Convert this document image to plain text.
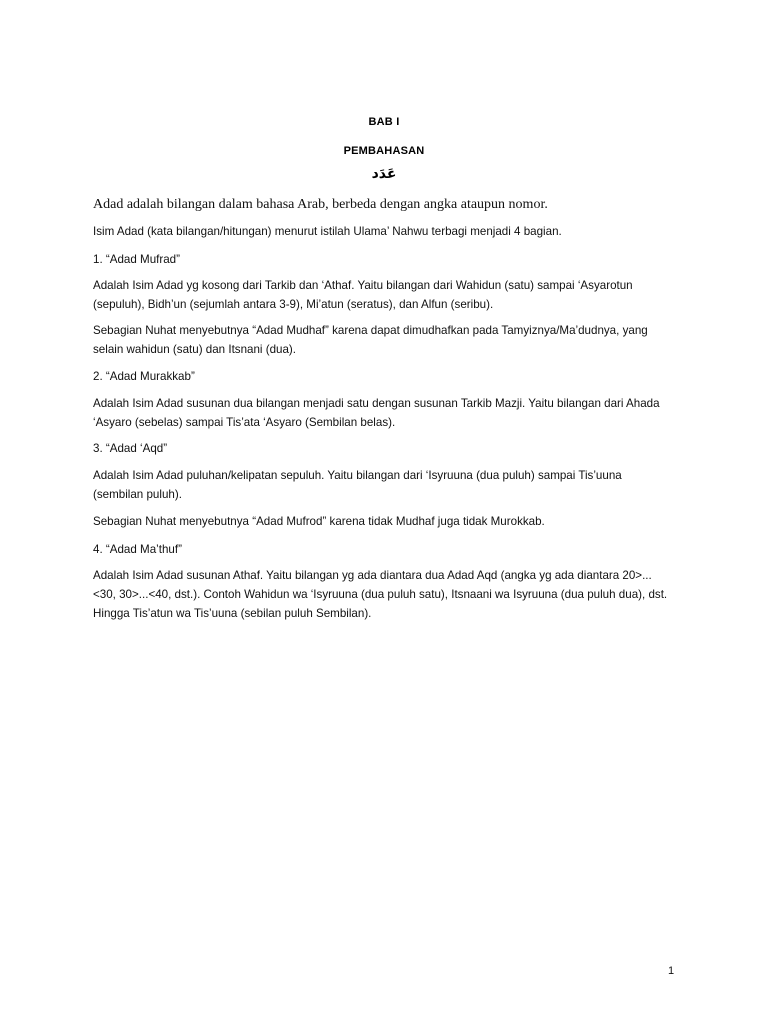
BAB I
PEMBAHASAN
عَدَد
Adad adalah bilangan dalam bahasa Arab, berbeda dengan angka ataupun nomor.
Isim Adad (kata bilangan/hitungan) menurut istilah Ulama’ Nahwu terbagi menjadi 4 bagian.
1. “Adad Mufrad”
Adalah Isim Adad yg kosong dari Tarkib dan ‘Athaf. Yaitu bilangan dari Wahidun (satu) sampai ‘Asyarotun (sepuluh), Bidh’un (sejumlah antara 3-9), Mi’atun (seratus), dan Alfun (seribu).
Sebagian Nuhat menyebutnya “Adad Mudhaf” karena dapat dimudhafkan pada Tamyiznya/Ma’dudnya, yang selain wahidun (satu) dan Itsnani (dua).
2. “Adad Murakkab”
Adalah Isim Adad susunan dua bilangan menjadi satu dengan susunan Tarkib Mazji. Yaitu bilangan dari Ahada ‘Asyaro (sebelas) sampai Tis’ata ‘Asyaro (Sembilan belas).
3. “Adad ‘Aqd”
Adalah Isim Adad puluhan/kelipatan sepuluh. Yaitu bilangan dari ‘Isyruuna (dua puluh) sampai Tis’uuna (sembilan puluh).
Sebagian Nuhat menyebutnya “Adad Mufrod” karena tidak Mudhaf juga tidak Murokkab.
4. “Adad Ma’thuf”
Adalah Isim Adad susunan Athaf. Yaitu bilangan yg ada diantara dua Adad Aqd (angka yg ada diantara 20>...<30, 30>...<40, dst.). Contoh Wahidun wa ‘Isyruuna (dua puluh satu), Itsnaani wa Isyruuna (dua puluh dua), dst. Hingga Tis’atun wa Tis’uuna (sebilan puluh Sembilan).
1
